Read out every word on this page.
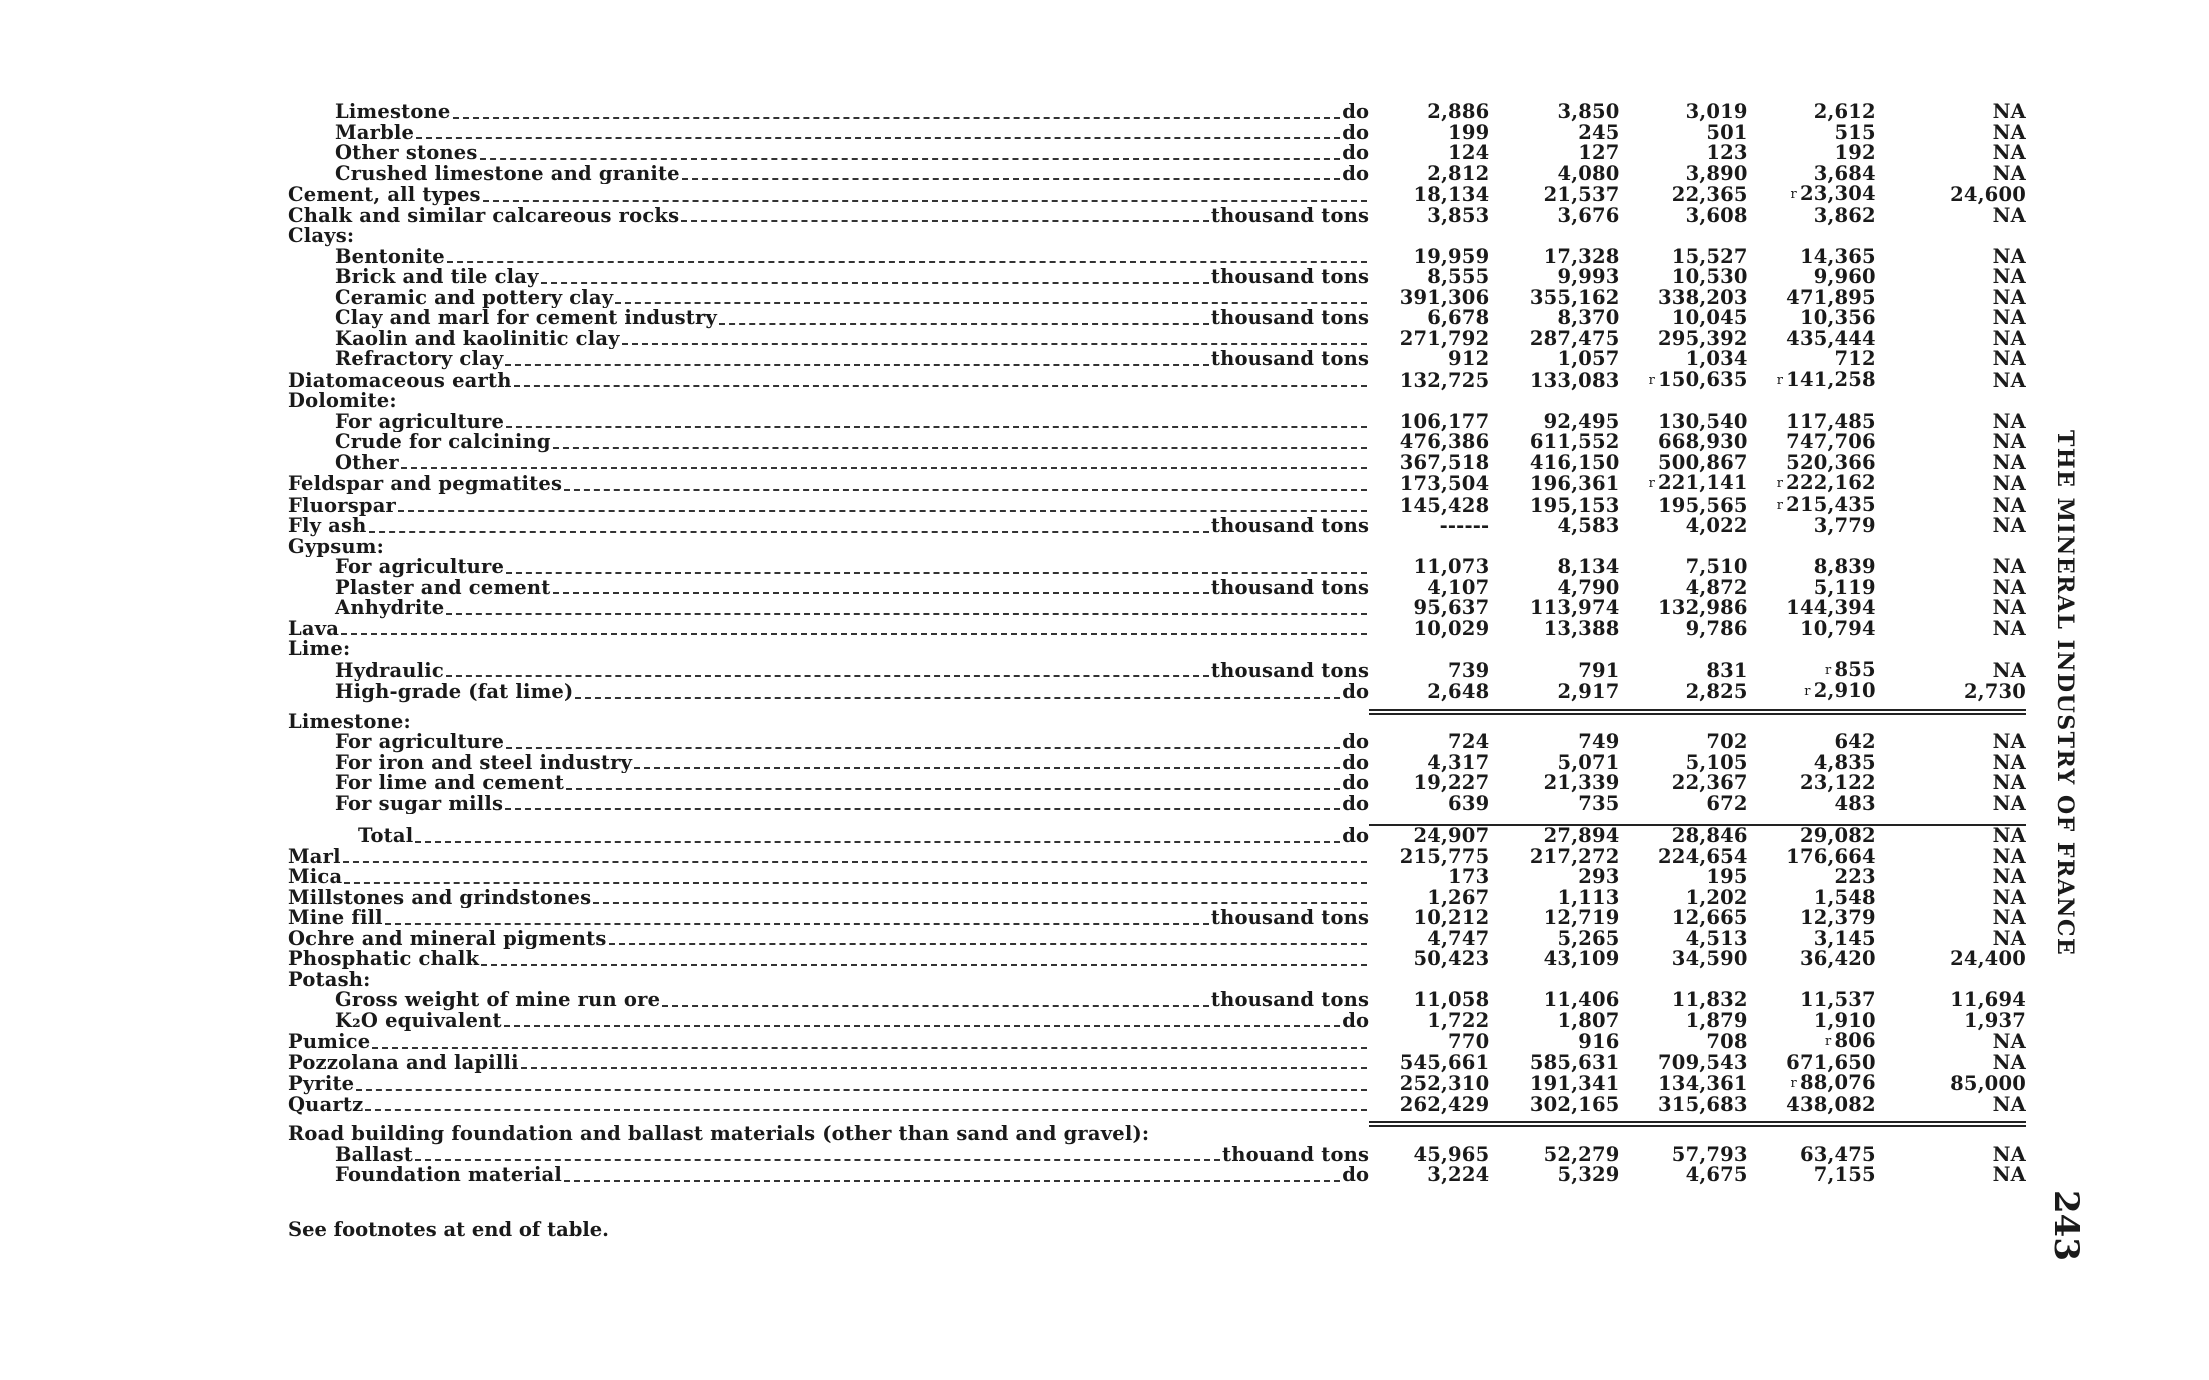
Limestone do	2,886	3,850	3,019	2,612	NA

Marble do	199	245	501	515	NA

Other stones do	124	127	123	192	NA

Crushed limestone and granite do	2,812	4,080	3,890	3,684	NA

Cement, all types	18,134	21,537	22,365	r 23,304	24,600

Chalk and similar calcareous rocks thousand tons	3,853	3,676	3,608	3,862	NA

Clays:					

Bentonite	19,959	17,328	15,527	14,365	NA

Brick and tile clay thousand tons	8,555	9,993	10,530	9,960	NA

Ceramic and pottery clay	391,306	355,162	338,203	471,895	NA

Clay and marl for cement industry thousand tons	6,678	8,370	10,045	10,356	NA

Kaolin and kaolinitic clay	271,792	287,475	295,392	435,444	NA

Refractory clay thousand tons	912	1,057	1,034	712	NA

Diatomaceous earth	132,725	133,083	r 150,635	r 141,258	NA

Dolomite:					

For agriculture	106,177	92,495	130,540	117,485	NA

Crude for calcining	476,386	611,552	668,930	747,706	NA

Other	367,518	416,150	500,867	520,366	NA

Feldspar and pegmatites	173,504	196,361	r 221,141	r 222,162	NA

Fluorspar	145,428	195,153	195,565	r 215,435	NA

Fly ash thousand tons	------	4,583	4,022	3,779	NA

Gypsum:					

For agriculture	11,073	8,134	7,510	8,839	NA

Plaster and cement thousand tons	4,107	4,790	4,872	5,119	NA

Anhydrite	95,637	113,974	132,986	144,394	NA

Lava	10,029	13,388	9,786	10,794	NA

Lime:					

Hydraulic thousand tons	739	791	831	r 855	NA

High-grade (fat lime) do	2,648	2,917	2,825	r 2,910	2,730

Limestone:					

For agriculture do	724	749	702	642	NA

For iron and steel industry do	4,317	5,071	5,105	4,835	NA

For lime and cement do	19,227	21,339	22,367	23,122	NA

For sugar mills do	639	735	672	483	NA

Total do	24,907	27,894	28,846	29,082	NA

Marl	215,775	217,272	224,654	176,664	NA

Mica	173	293	195	223	NA

Millstones and grindstones	1,267	1,113	1,202	1,548	NA

Mine fill thousand tons	10,212	12,719	12,665	12,379	NA

Ochre and mineral pigments	4,747	5,265	4,513	3,145	NA

Phosphatic chalk	50,423	43,109	34,590	36,420	24,400

Potash:					

Gross weight of mine run ore thousand tons	11,058	11,406	11,832	11,537	11,694

K₂O equivalent do	1,722	1,807	1,879	1,910	1,937

Pumice	770	916	708	r 806	NA

Pozzolana and lapilli	545,661	585,631	709,543	671,650	NA

Pyrite	252,310	191,341	134,361	r 88,076	85,000

Quartz	262,429	302,165	315,683	438,082	NA

Road building foundation and ballast materials (other than sand and gravel):					

Ballast thouand tons	45,965	52,279	57,793	63,475	NA

Foundation material do	3,224	5,329	4,675	7,155	NA
See footnotes at end of table.
THE MINERAL INDUSTRY OF FRANCE
243
